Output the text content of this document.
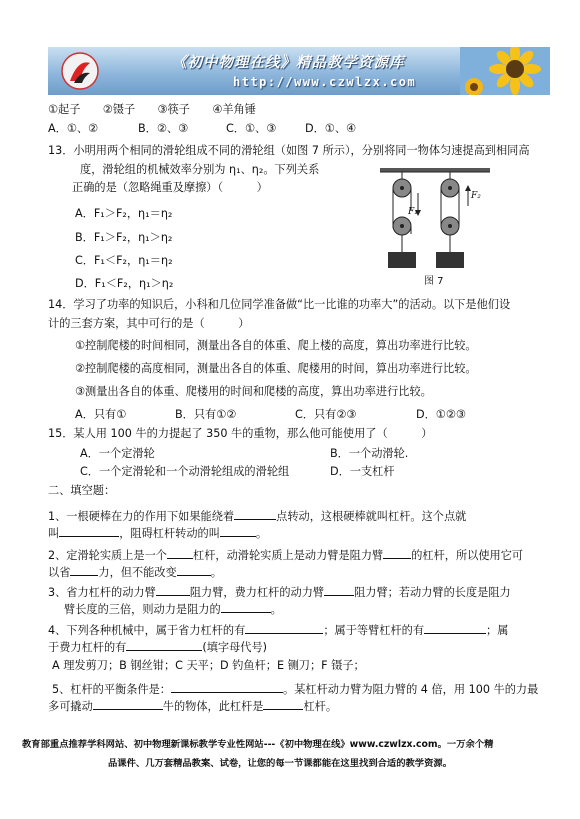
《初中物理在线》精品教学资源库
http://www.czwlzx.com
①起子　　②镊子　　③筷子　　④羊角锤
A．①、②	B．②、③	C．①、③	D．①、④
13．小明用两个相同的滑轮组成不同的滑轮组（如图 7 所示），分别将同一物体匀速提高到相同高
度，滑轮组的机械效率分别为 η₁、η₂。下列关系
正确的是（忽略绳重及摩擦）（　　　）
A．F₁＞F₂，η₁＝η₂
B．F₁＞F₂，η₁＞η₂
C．F₁＜F₂，η₁＝η₂
D．F₁＜F₂，η₁＞η₂
F₁
F₂
图 7
14．学习了功率的知识后，小科和几位同学准备做“比一比谁的功率大”的活动。以下是他们设
计的三套方案，其中可行的是（　　　）
①控制爬楼的时间相同，测量出各自的体重、爬上楼的高度，算出功率进行比较。
②控制爬楼的高度相同，测量出各自的体重、爬楼用的时间，算出功率进行比较。
③测量出各自的体重、爬楼用的时间和爬楼的高度，算出功率进行比较。
A．只有①	B．只有①②	C．只有②③	D．①②③
15．某人用 100 牛的力提起了 350 牛的重物，那么他可能使用了（　　　）
A．一个定滑轮	B．一个动滑轮.
C．一个定滑轮和一个动滑轮组成的滑轮组	D．一支杠杆
二、填空题：
1、一根硬棒在力的作用下如果能绕着	点转动，这根硬棒就叫杠杆。这个点就
叫	，阻碍杠杆转动的叫	。
2、定滑轮实质上是一个 杠杆，动滑轮实质上是动力臂是阻力臂	的杠杆，所以使用它可
以省	力，但不能改变	。
3、省力杠杆的动力臂	阻力臂，费力杠杆的动力臂	阻力臂；若动力臂的长度是阻力
臂长度的三倍，则动力是阻力的	。
4、下列各种机械中，属于省力杠杆的有	；属于等臂杠杆的有	；属
于费力杠杆的有	(填字母代号)
A 理发剪刀；B 钢丝钳；C 天平；D 钓鱼杆；E 铡刀；F 镊子；
5、杠杆的平衡条件是：	。某杠杆动力臂为阻力臂的 4 倍，用 100 牛的力最
多可撬动	牛的物体，此杠杆是	杠杆。
教育部重点推荐学科网站、初中物理新课标教学专业性网站---《初中物理在线》www.czwlzx.com。一万余个精
品课件、几万套精品教案、试卷，让您的每一节课都能在这里找到合适的教学资源。
